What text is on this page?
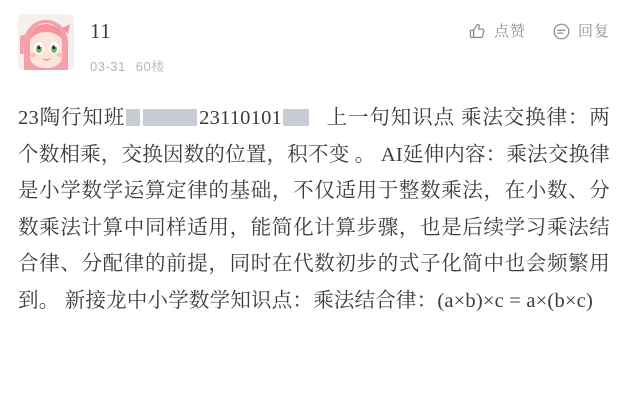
11
03-31 60楼
点赞	回复
23陶行知班	23110101 上一句知识点 乘法交换律：两个数相乘，交换因数的位置，积不变 。 AI延伸内容：乘法交换律是小学数学运算定律的基础，不仅适用于整数乘法，在小数、分数乘法计算中同样适用，能简化计算步骤，也是后续学习乘法结合律、分配律的前提，同时在代数初步的式子化简中也会频繁用到。 新接龙中小学数学知识点：乘法结合律：(a×b)×c = a×(b×c)
